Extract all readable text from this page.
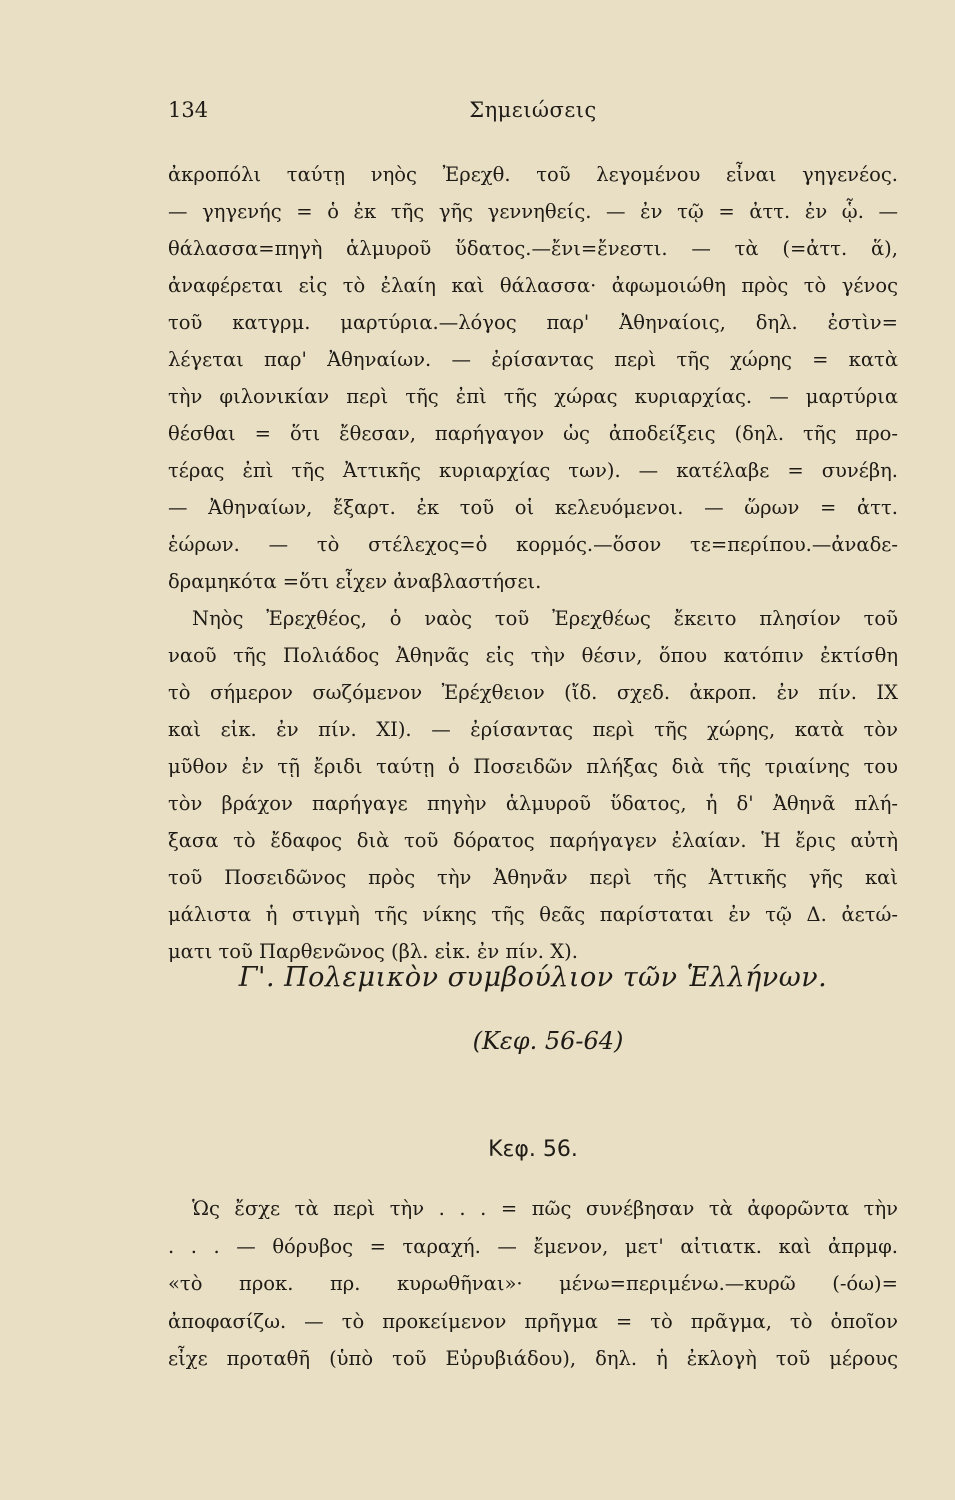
Σημειώσεις
134
ἀκροπόλι ταύτῃ νηὸς Ἐρεχθ. τοῦ λεγομένου εἶναι γηγενέος.
— γηγενής = ὁ ἐκ τῆς γῆς γεννηθείς. — ἐν τῷ = ἀττ. ἐν ᾧ. —
θάλασσα=πηγὴ ἁλμυροῦ ὕδατος.—ἔνι=ἔνεστι. — τὰ (=ἀττ. ἅ),
ἀναφέρεται εἰς τὸ ἐλαίη καὶ θάλασσα· ἀφωμοιώθη πρὸς τὸ γένος
τοῦ κατγρμ. μαρτύρια.—λόγος παρ' Ἀθηναίοις, δηλ. ἐστὶν=
λέγεται παρ' Ἀθηναίων. — ἐρίσαντας περὶ τῆς χώρης = κατὰ
τὴν φιλονικίαν περὶ τῆς ἐπὶ τῆς χώρας κυριαρχίας. — μαρτύρια
θέσθαι = ὅτι ἔθεσαν, παρήγαγον ὡς ἀποδείξεις (δηλ. τῆς προ-
τέρας ἐπὶ τῆς Ἀττικῆς κυριαρχίας των). — κατέλαβε = συνέβη.
— Ἀθηναίων, ἔξαρτ. ἐκ τοῦ οἱ κελευόμενοι. — ὥρων = ἀττ.
ἑώρων. — τὸ στέλεχος=ὁ κορμός.—ὅσον τε=περίπου.—ἀναδε-
δραμηκότα =ὅτι εἶχεν ἀναβλαστήσει.
Νηὸς Ἐρεχθέος, ὁ ναὸς τοῦ Ἐρεχθέως ἔκειτο πλησίον τοῦ
ναοῦ τῆς Πολιάδος Ἀθηνᾶς εἰς τὴν θέσιν, ὅπου κατόπιν ἐκτίσθη
τὸ σήμερον σωζόμενον Ἐρέχθειον (ἴδ. σχεδ. ἀκροπ. ἐν πίν. IX
καὶ εἰκ. ἐν πίν. XI). — ἐρίσαντας περὶ τῆς χώρης, κατὰ τὸν
μῦθον ἐν τῇ ἔριδι ταύτῃ ὁ Ποσειδῶν πλήξας διὰ τῆς τριαίνης του
τὸν βράχον παρήγαγε πηγὴν ἁλμυροῦ ὕδατος, ἡ δ' Ἀθηνᾶ πλή-
ξασα τὸ ἔδαφος διὰ τοῦ δόρατος παρήγαγεν ἐλαίαν. Ἡ ἔρις αὐτὴ
τοῦ Ποσειδῶνος πρὸς τὴν Ἀθηνᾶν περὶ τῆς Ἀττικῆς γῆς καὶ
μάλιστα ἡ στιγμὴ τῆς νίκης τῆς θεᾶς παρίσταται ἐν τῷ Δ. ἀετώ-
ματι τοῦ Παρθενῶνος (βλ. εἰκ. ἐν πίν. X).
Γ'. Πολεμικὸν συμβούλιον τῶν Ἑλλήνων.
(Κεφ. 56-64)
Κεφ. 56.
Ὡς ἔσχε τὰ περὶ τὴν . . . = πῶς συνέβησαν τὰ ἀφορῶντα τὴν
. . . — θόρυβος = ταραχή. — ἔμενον, μετ' αἰτιατκ. καὶ ἀπρμφ.
«τὸ προκ. πρ. κυρωθῆναι»· μένω=περιμένω.—κυρῶ (-όω)=
ἀποφασίζω. — τὸ προκείμενον πρῆγμα = τὸ πρᾶγμα, τὸ ὁποῖον
εἶχε προταθῆ (ὑπὸ τοῦ Εὐρυβιάδου), δηλ. ἡ ἐκλογὴ τοῦ μέρους
